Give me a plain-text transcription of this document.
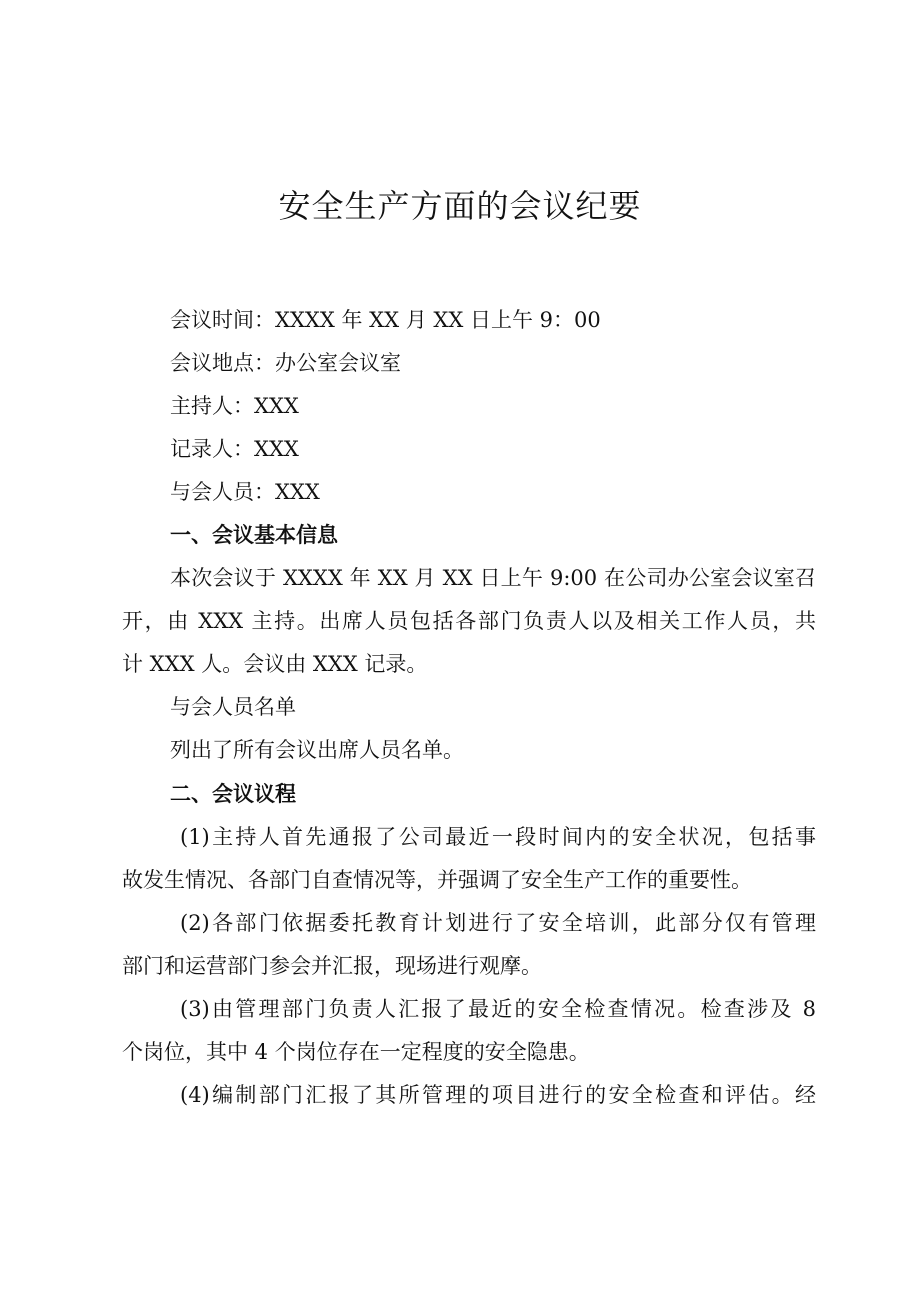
安全生产方面的会议纪要
会议时间：XXXX 年 XX 月 XX 日上午 9：00
会议地点：办公室会议室
主持人：XXX
记录人：XXX
与会人员：XXX
一、会议基本信息
本次会议于 XXXX 年 XX 月 XX 日上午 9:00 在公司办公室会议室召
开，由 XXX 主持。出席人员包括各部门负责人以及相关工作人员，共
计 XXX 人。会议由 XXX 记录。
与会人员名单
列出了所有会议出席人员名单。
二、会议议程
(1)主持人首先通报了公司最近一段时间内的安全状况，包括事
故发生情况、各部门自查情况等，并强调了安全生产工作的重要性。
(2)各部门依据委托教育计划进行了安全培训，此部分仅有管理
部门和运营部门参会并汇报，现场进行观摩。
(3)由管理部门负责人汇报了最近的安全检查情况。检查涉及 8
个岗位，其中 4 个岗位存在一定程度的安全隐患。
(4)编制部门汇报了其所管理的项目进行的安全检查和评估。经
